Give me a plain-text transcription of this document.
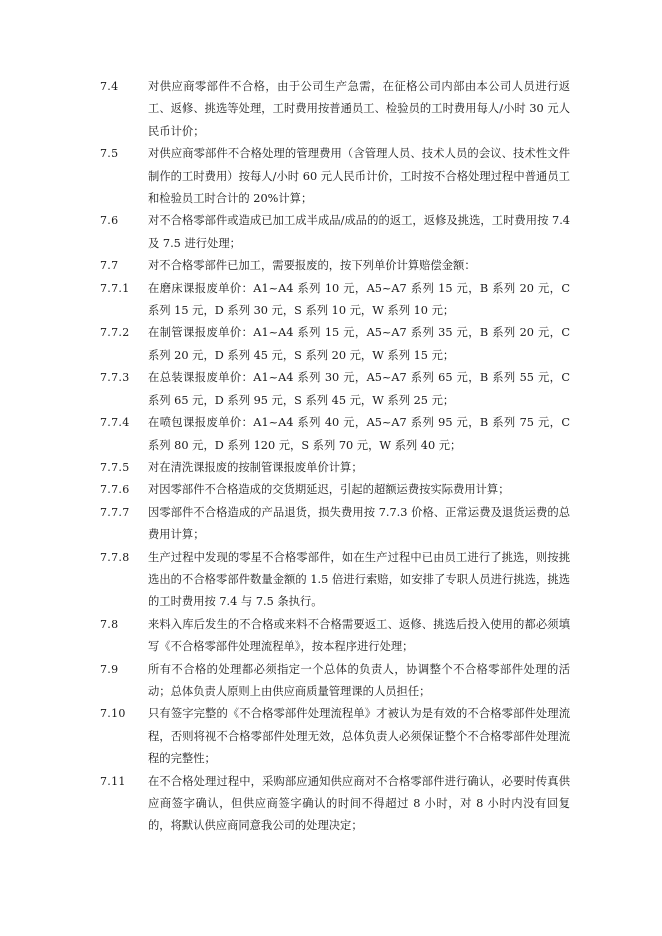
7.4	对供应商零部件不合格，由于公司生产急需，在征格公司内部由本公司人员进行返工、返修、挑选等处理，工时费用按普通员工、检验员的工时费用每人/小时 30 元人民币计价；
7.5	对供应商零部件不合格处理的管理费用（含管理人员、技术人员的会议、技术性文件制作的工时费用）按每人/小时 60 元人民币计价，工时按不合格处理过程中普通员工和检验员工时合计的 20%计算；
7.6	对不合格零部件或造成已加工成半成品/成品的的返工，返修及挑选，工时费用按 7.4 及 7.5 进行处理；
7.7	对不合格零部件已加工，需要报废的，按下列单价计算赔偿金额：
7.7.1	在磨床课报废单价：A1~A4 系列 10 元，A5~A7 系列 15 元，B 系列 20 元，C 系列 15 元，D 系列 30 元，S 系列 10 元，W 系列 10 元；
7.7.2	在制管课报废单价：A1~A4 系列 15 元，A5~A7 系列 35 元，B 系列 20 元，C 系列 20 元，D 系列 45 元，S 系列 20 元，W 系列 15 元；
7.7.3	在总装课报废单价：A1~A4 系列 30 元，A5~A7 系列 65 元，B 系列 55 元，C 系列 65 元，D 系列 95 元，S 系列 45 元，W 系列 25 元；
7.7.4	在喷包课报废单价：A1~A4 系列 40 元，A5~A7 系列 95 元，B 系列 75 元，C 系列 80 元，D 系列 120 元，S 系列 70 元，W 系列 40 元；
7.7.5	对在清洗课报废的按制管课报废单价计算；
7.7.6	对因零部件不合格造成的交货期延迟，引起的超额运费按实际费用计算；
7.7.7	因零部件不合格造成的产品退货，损失费用按 7.7.3 价格、正常运费及退货运费的总费用计算；
7.7.8	生产过程中发现的零星不合格零部件，如在生产过程中已由员工进行了挑选，则按挑选出的不合格零部件数量金额的 1.5 倍进行索赔，如安排了专职人员进行挑选，挑选的工时费用按 7.4 与 7.5 条执行。
7.8	来料入库后发生的不合格或来料不合格需要返工、返修、挑选后投入使用的都必须填写《不合格零部件处理流程单》，按本程序进行处理；
7.9	所有不合格的处理都必须指定一个总体的负责人，协调整个不合格零部件处理的活动；总体负责人原则上由供应商质量管理课的人员担任；
7.10	只有签字完整的《不合格零部件处理流程单》才被认为是有效的不合格零部件处理流程，否则将视不合格零部件处理无效，总体负责人必须保证整个不合格零部件处理流程的完整性；
7.11	在不合格处理过程中，采购部应通知供应商对不合格零部件进行确认，必要时传真供应商签字确认，但供应商签字确认的时间不得超过 8 小时，对 8 小时内没有回复的，将默认供应商同意我公司的处理决定；
